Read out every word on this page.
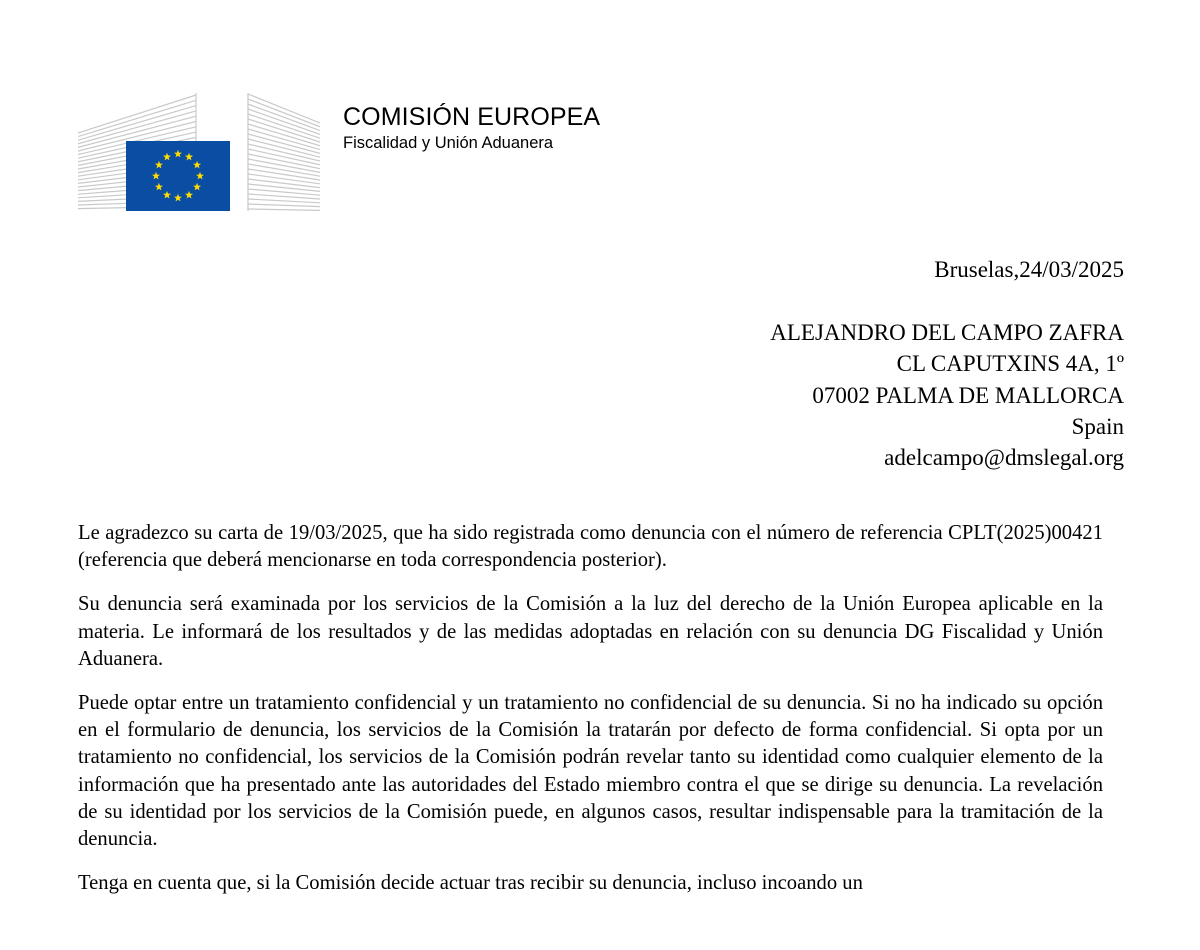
COMISIÓN EUROPEA
Fiscalidad y Unión Aduanera
Bruselas,24/03/2025
ALEJANDRO DEL CAMPO ZAFRA
CL CAPUTXINS 4A, 1º
07002 PALMA DE MALLORCA
Spain
adelcampo@dmslegal.org

Le agradezco su carta de 19/03/2025, que ha sido registrada como denuncia con el número de referencia CPLT(2025)00421 (referencia que deberá mencionarse en toda correspondencia posterior).

Su denuncia será examinada por los servicios de la Comisión a la luz del derecho de la Unión Europea aplicable en la materia. Le informará de los resultados y de las medidas adoptadas en relación con su denuncia DG Fiscalidad y Unión Aduanera.

Puede optar entre un tratamiento confidencial y un tratamiento no confidencial de su denuncia. Si no ha indicado su opción en el formulario de denuncia, los servicios de la Comisión la tratarán por defecto de forma confidencial. Si opta por un tratamiento no confidencial, los servicios de la Comisión podrán revelar tanto su identidad como cualquier elemento de la información que ha presentado ante las autoridades del Estado miembro contra el que se dirige su denuncia. La revelación de su identidad por los servicios de la Comisión puede, en algunos casos, resultar indispensable para la tramitación de la denuncia.

Tenga en cuenta que, si la Comisión decide actuar tras recibir su denuncia, incluso incoando un
